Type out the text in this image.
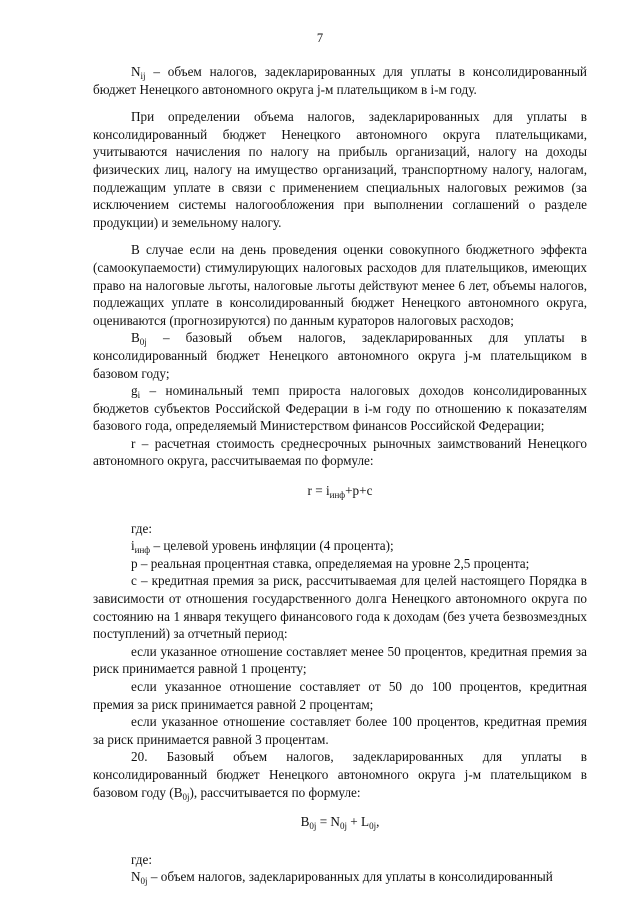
7

$N_{ij}$ – объем налогов, задекларированных для уплаты в консолидированный бюджет Ненецкого автономного округа j-м плательщиком в i-м году.

При определении объема налогов, задекларированных для уплаты в консолидированный бюджет Ненецкого автономного округа плательщиками, учитываются начисления по налогу на прибыль организаций, налогу на доходы физических лиц, налогу на имущество организаций, транспортному налогу, налогам, подлежащим уплате в связи с применением специальных налоговых режимов (за исключением системы налогообложения при выполнении соглашений о разделе продукции) и земельному налогу.

В случае если на день проведения оценки совокупного бюджетного эффекта (самоокупаемости) стимулирующих налоговых расходов для плательщиков, имеющих право на налоговые льготы, налоговые льготы действуют менее 6 лет, объемы налогов, подлежащих уплате в консолидированный бюджет Ненецкого автономного округа, оцениваются (прогнозируются) по данным кураторов налоговых расходов;

$B_{0j}$ – базовый объем налогов, задекларированных для уплаты в консолидированный бюджет Ненецкого автономного округа j-м плательщиком в базовом году;

$g_i$ – номинальный темп прироста налоговых доходов консолидированных бюджетов субъектов Российской Федерации в i-м году по отношению к показателям базового года, определяемый Министерством финансов Российской Федерации;

r – расчетная стоимость среднесрочных рыночных заимствований Ненецкого автономного округа, рассчитываемая по формуле:

$r = i_{инф}+p+c$

где:

$i_{инф}$ – целевой уровень инфляции (4 процента);

p – реальная процентная ставка, определяемая на уровне 2,5 процента;

c – кредитная премия за риск, рассчитываемая для целей настоящего Порядка в зависимости от отношения государственного долга Ненецкого автономного округа по состоянию на 1 января текущего финансового года к доходам (без учета безвозмездных поступлений) за отчетный период:

если указанное отношение составляет менее 50 процентов, кредитная премия за риск принимается равной 1 проценту;

если указанное отношение составляет от 50 до 100 процентов, кредитная премия за риск принимается равной 2 процентам;

если указанное отношение составляет более 100 процентов, кредитная премия за риск принимается равной 3 процентам.

20. Базовый объем налогов, задекларированных для уплаты в консолидированный бюджет Ненецкого автономного округа j-м плательщиком в базовом году $(B_{0j})$, рассчитывается по формуле:

$B_{0j} = N_{0j} + L_{0j}$,

где:

$N_{0j}$ – объем налогов, задекларированных для уплаты в консолидированный
